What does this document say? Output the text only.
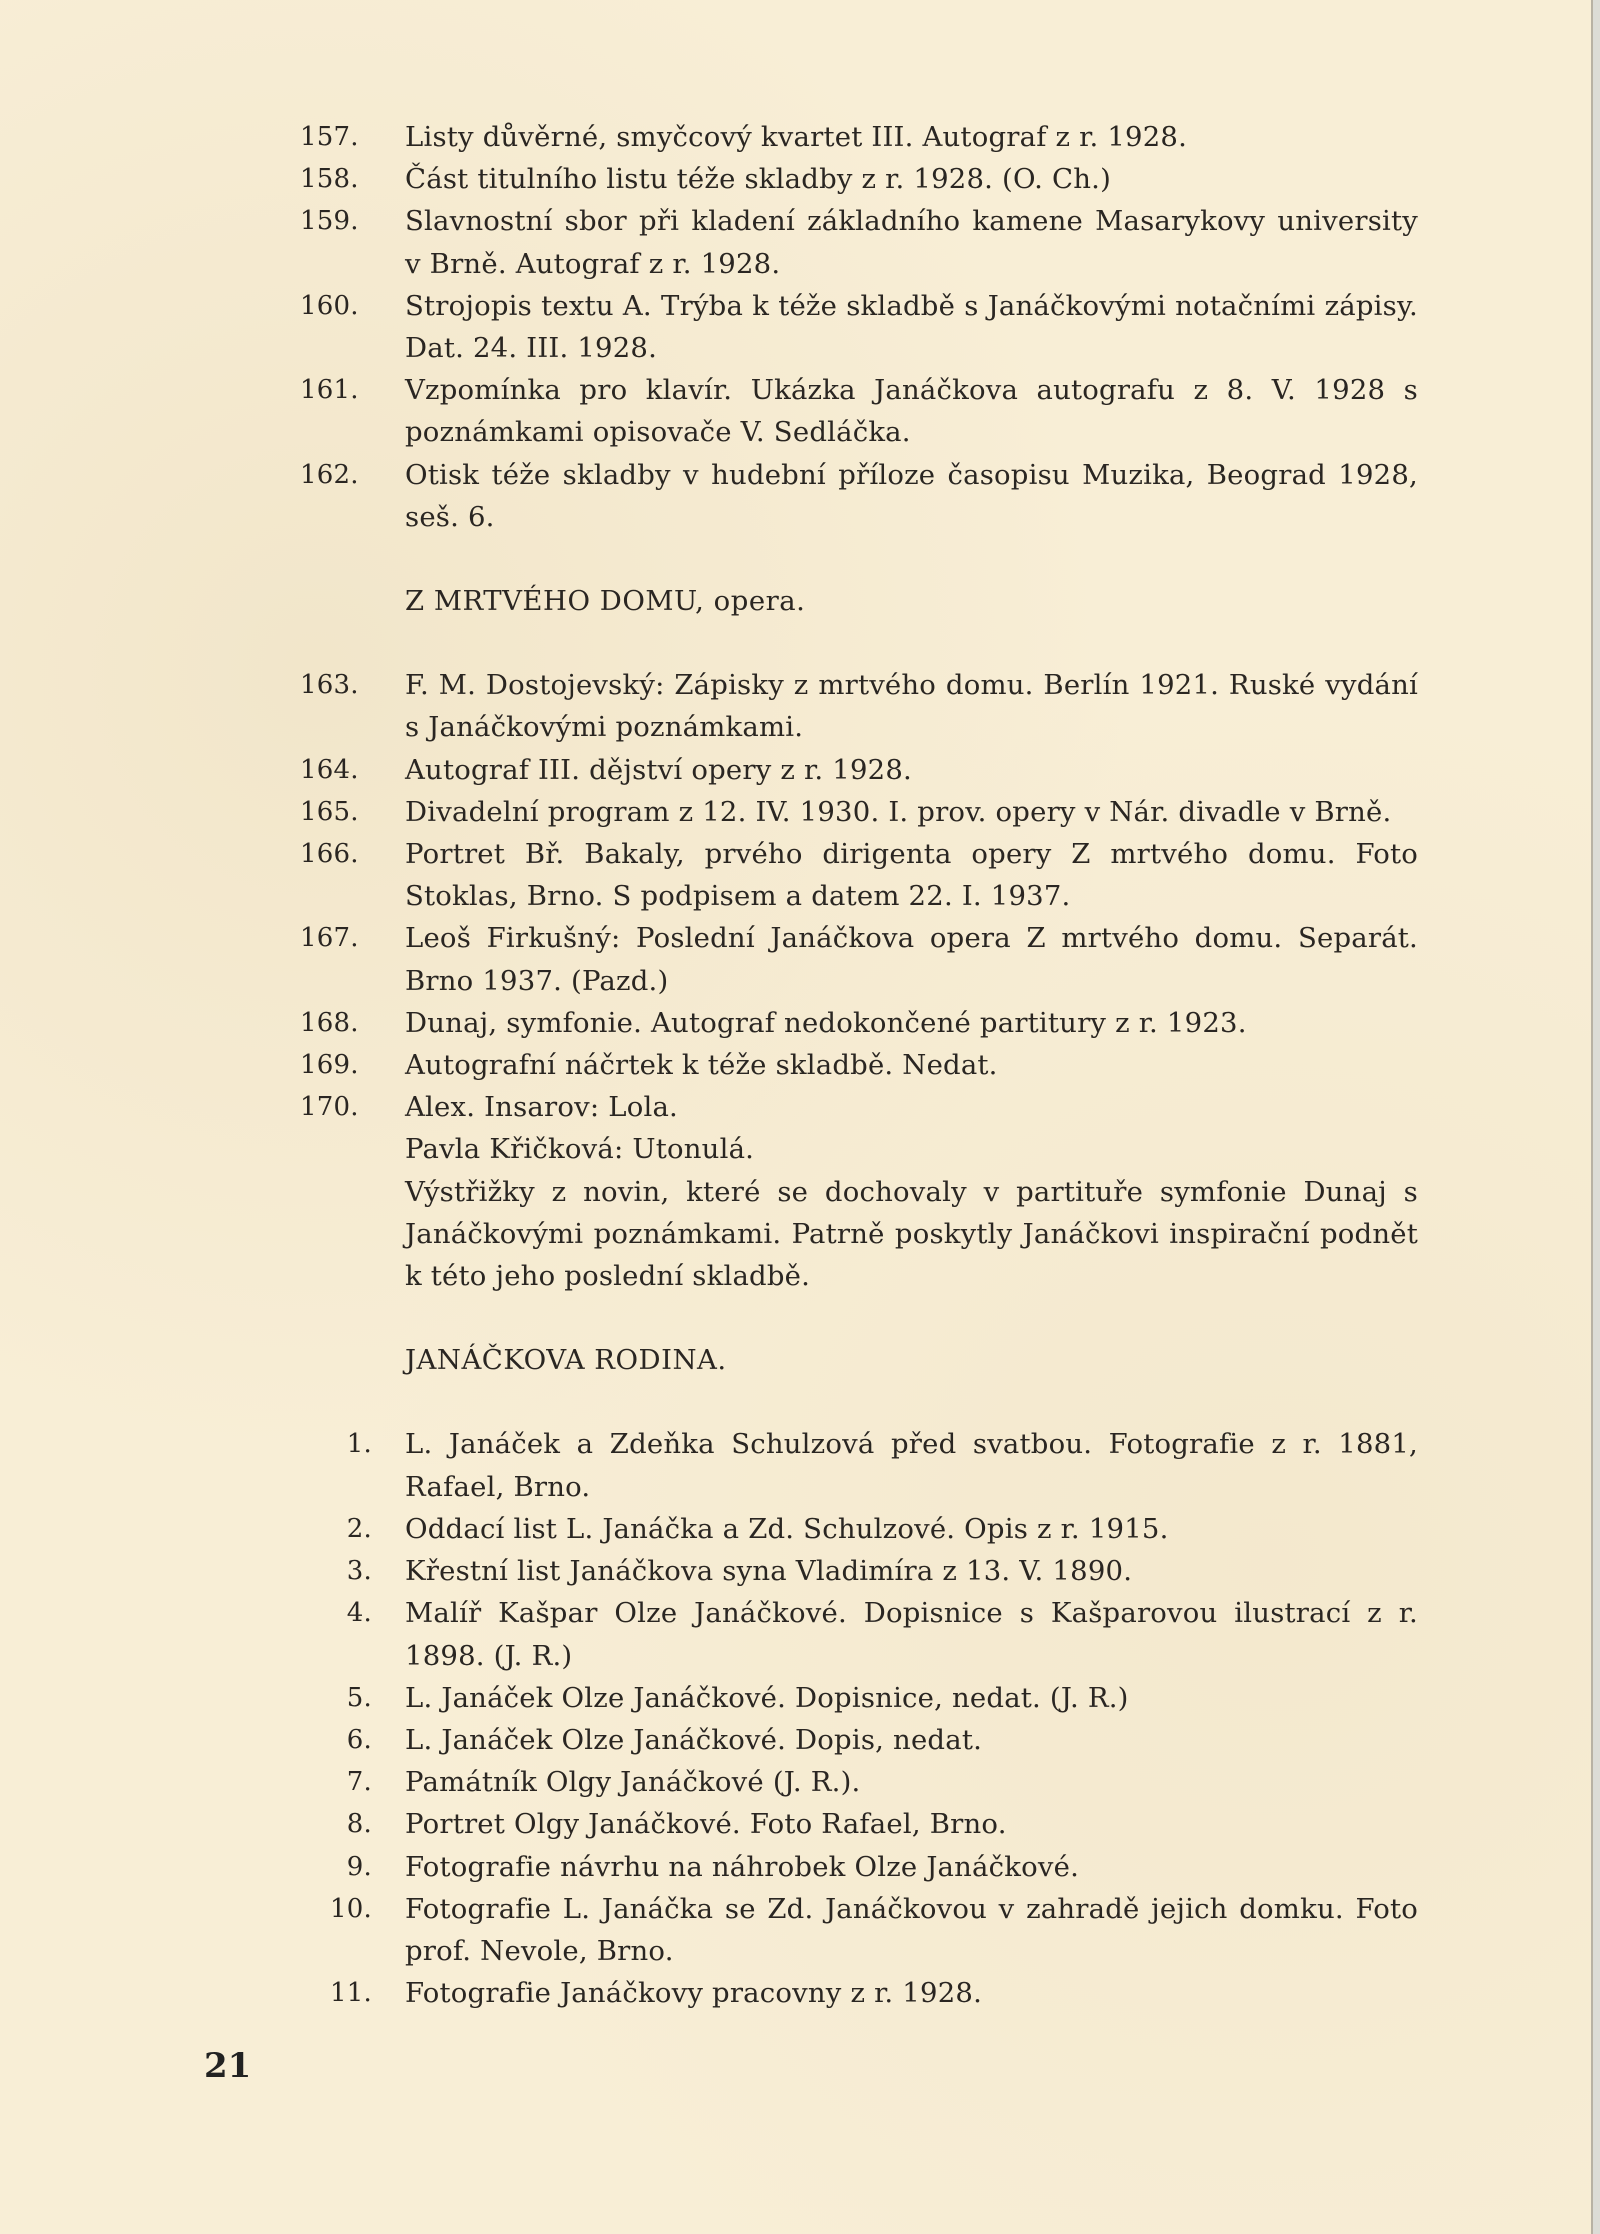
157.	Listy důvěrné, smyčcový kvartet III. Autograf z r. 1928.
158.	Část titulního listu téže skladby z r. 1928. (O. Ch.)
159.	Slavnostní sbor při kladení základního kamene Masarykovy university v Brně. Autograf z r. 1928.
160.	Strojopis textu A. Trýba k téže skladbě s Janáčkovými notačními zápisy. Dat. 24. III. 1928.
161.	Vzpomínka pro klavír. Ukázka Janáčkova autografu z 8. V. 1928 s poznámkami opisovače V. Sedláčka.
162.	Otisk téže skladby v hudební příloze časopisu Muzika, Beograd 1928, seš. 6.
Z MRTVÉHO DOMU, opera.
163.	F. M. Dostojevský: Zápisky z mrtvého domu. Berlín 1921. Ruské vydání s Janáčkovými poznámkami.
164.	Autograf III. dějství opery z r. 1928.
165.	Divadelní program z 12. IV. 1930. I. prov. opery v Nár. divadle v Brně.
166.	Portret Bř. Bakaly, prvého dirigenta opery Z mrtvého domu. Foto Stoklas, Brno. S podpisem a datem 22. I. 1937.
167.	Leoš Firkušný: Poslední Janáčkova opera Z mrtvého domu. Separát. Brno 1937. (Pazd.)
168.	Dunaj, symfonie. Autograf nedokončené partitury z r. 1923.
169.	Autografní náčrtek k téže skladbě. Nedat.
170.	Alex. Insarov: Lola.
Pavla Křičková: Utonulá.
Výstřižky z novin, které se dochovaly v partituře symfonie Dunaj s Janáčkovými poznámkami. Patrně poskytly Janáčkovi inspirační podnět k této jeho poslední skladbě.
JANÁČKOVA RODINA.
1. L. Janáček a Zdeňka Schulzová před svatbou. Fotografie z r. 1881, Rafael, Brno.
2. Oddací list L. Janáčka a Zd. Schulzové. Opis z r. 1915.
3. Křestní list Janáčkova syna Vladimíra z 13. V. 1890.
4. Malíř Kašpar Olze Janáčkové. Dopisnice s Kašparovou ilustrací z r. 1898. (J. R.)
5. L. Janáček Olze Janáčkové. Dopisnice, nedat. (J. R.)
6. L. Janáček Olze Janáčkové. Dopis, nedat.
7. Památník Olgy Janáčkové (J. R.).
8. Portret Olgy Janáčkové. Foto Rafael, Brno.
9. Fotografie návrhu na náhrobek Olze Janáčkové.
10. Fotografie L. Janáčka se Zd. Janáčkovou v zahradě jejich domku. Foto prof. Nevole, Brno.
11. Fotografie Janáčkovy pracovny z r. 1928.
21
